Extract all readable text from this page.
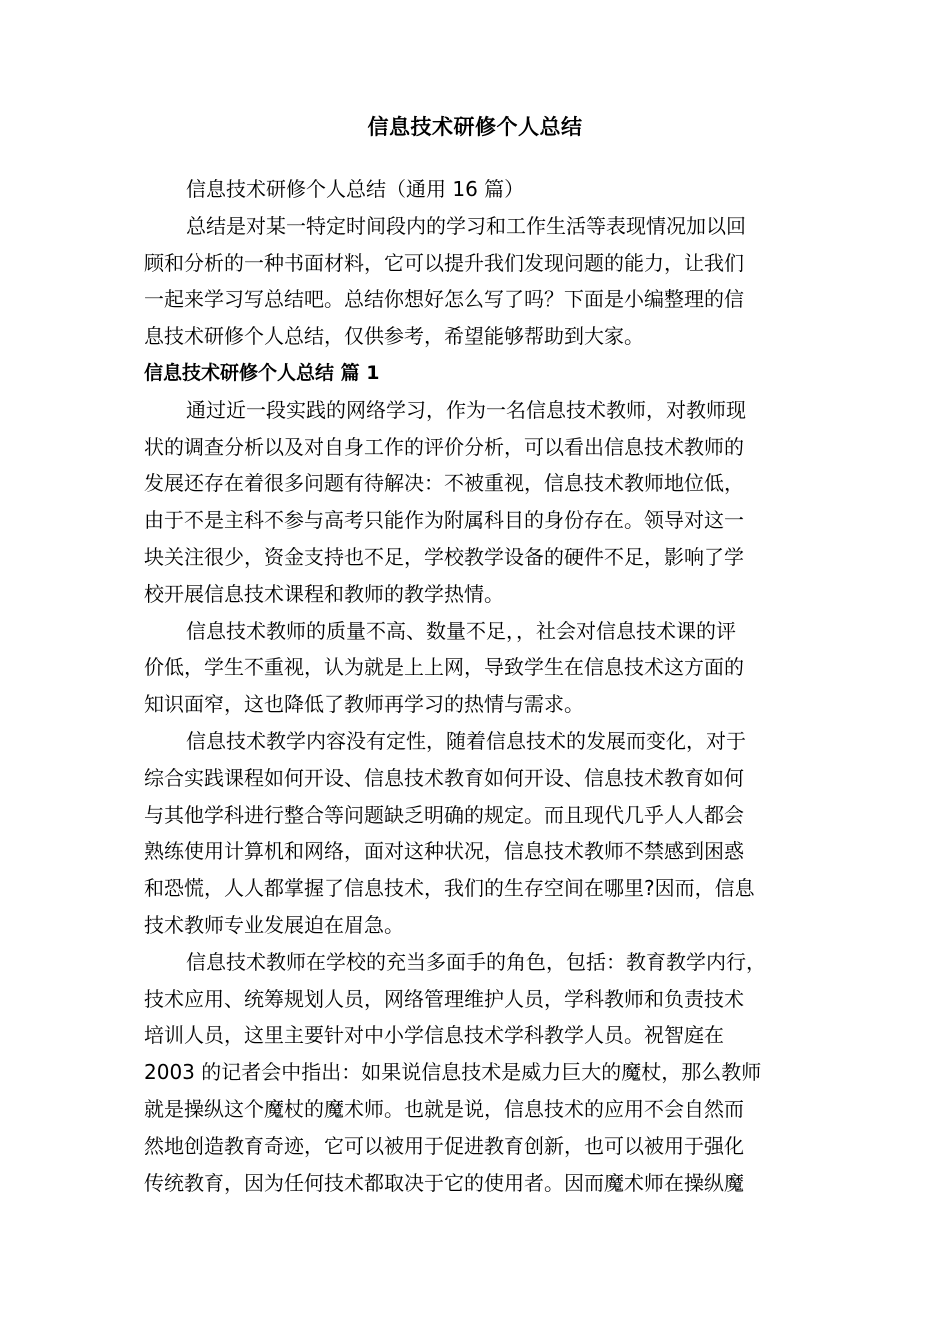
信息技术研修个人总结

信息技术研修个人总结（通用 16 篇）

总结是对某一特定时间段内的学习和工作生活等表现情况加以回
顾和分析的一种书面材料，它可以提升我们发现问题的能力，让我们
一起来学习写总结吧。总结你想好怎么写了吗？下面是小编整理的信
息技术研修个人总结，仅供参考，希望能够帮助到大家。

信息技术研修个人总结 篇 1

通过近一段实践的网络学习，作为一名信息技术教师，对教师现
状的调查分析以及对自身工作的评价分析，可以看出信息技术教师的
发展还存在着很多问题有待解决：不被重视，信息技术教师地位低，
由于不是主科不参与高考只能作为附属科目的身份存在。领导对这一
块关注很少，资金支持也不足，学校教学设备的硬件不足，影响了学
校开展信息技术课程和教师的教学热情。

信息技术教师的质量不高、数量不足，，社会对信息技术课的评
价低，学生不重视，认为就是上上网，导致学生在信息技术这方面的
知识面窄，这也降低了教师再学习的热情与需求。

信息技术教学内容没有定性，随着信息技术的发展而变化，对于
综合实践课程如何开设、信息技术教育如何开设、信息技术教育如何
与其他学科进行整合等问题缺乏明确的规定。而且现代几乎人人都会
熟练使用计算机和网络，面对这种状况，信息技术教师不禁感到困惑
和恐慌，人人都掌握了信息技术，我们的生存空间在哪里?因而，信息
技术教师专业发展迫在眉急。

信息技术教师在学校的充当多面手的角色，包括：教育教学内行，
技术应用、统筹规划人员，网络管理维护人员，学科教师和负责技术
培训人员，这里主要针对中小学信息技术学科教学人员。祝智庭在
2003 的记者会中指出：如果说信息技术是威力巨大的魔杖，那么教师
就是操纵这个魔杖的魔术师。也就是说，信息技术的应用不会自然而
然地创造教育奇迹，它可以被用于促进教育创新，也可以被用于强化
传统教育，因为任何技术都取决于它的使用者。因而魔术师在操纵魔
